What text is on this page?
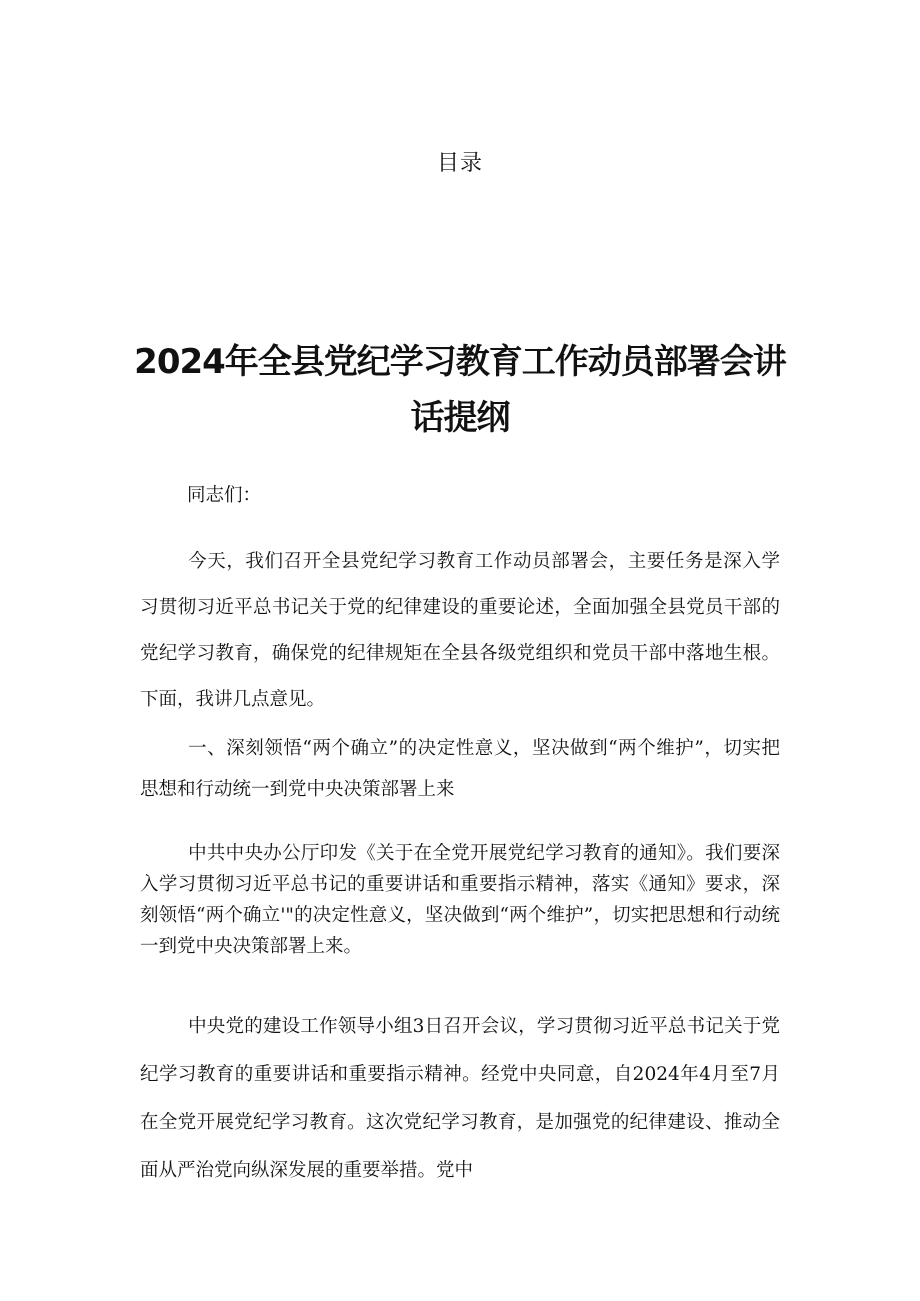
目录
2024年全县党纪学习教育工作动员部署会讲话提纲
同志们：

今天，我们召开全县党纪学习教育工作动员部署会，主要任务是深入学习贯彻习近平总书记关于党的纪律建设的重要论述，全面加强全县党员干部的党纪学习教育，确保党的纪律规矩在全县各级党组织和党员干部中落地生根。下面，我讲几点意见。

一、深刻领悟“两个确立”的决定性意义，坚决做到“两个维护”，切实把思想和行动统一到党中央决策部署上来

中共中央办公厅印发《关于在全党开展党纪学习教育的通知》。我们要深入学习贯彻习近平总书记的重要讲话和重要指示精神，落实《通知》要求，深刻领悟“两个确立'"的决定性意义，坚决做到“两个维护”，切实把思想和行动统一到党中央决策部署上来。

中央党的建设工作领导小组3日召开会议，学习贯彻习近平总书记关于党纪学习教育的重要讲话和重要指示精神。经党中央同意，自2024年4月至7月在全党开展党纪学习教育。这次党纪学习教育，是加强党的纪律建设、推动全面从严治党向纵深发展的重要举措。党中
